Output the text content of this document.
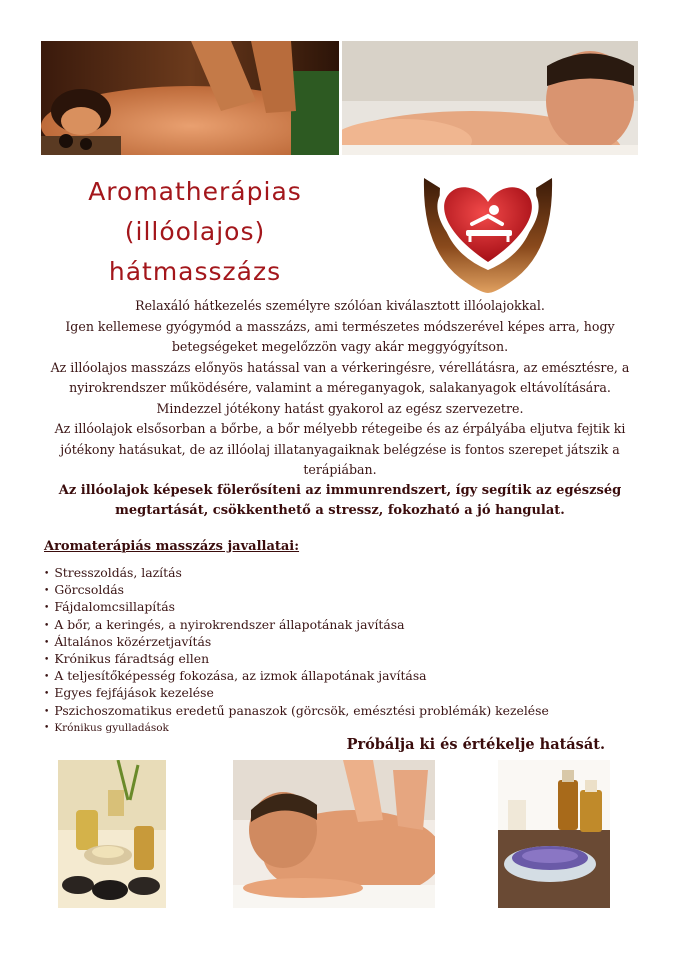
Aromatherápias
(illóolajos)
hátmasszázs

Relaxáló hátkezelés személyre szólóan kiválasztott illóolajokkal.

Igen kellemese gyógymód a masszázs, ami természetes módszerével képes arra, hogy betegségeket megelőzzön vagy akár meggyógyítson.

Az illóolajos masszázs előnyös hatással van a vérkeringésre, vérellátásra, az emésztésre, a nyirokrendszer működésére, valamint a méreganyagok, salakanyagok eltávolítására.

Mindezzel jótékony hatást gyakorol az egész szervezetre.

Az illóolajok elsősorban a bőrbe, a bőr mélyebb rétegeibe és az érpályába eljutva fejtik ki jótékony hatásukat, de az illóolaj illatanyagaiknak belégzése is fontos szerepet játszik a terápiában.

Az illóolajok képesek fölerősíteni az immunrendszert, így segítik az egészség megtartását, csökkenthető a stressz, fokozható a jó hangulat.

Aromaterápiás masszázs javallatai:
• Stresszoldás, lazítás
• Görcsoldás
• Fájdalomcsillapítás
• A bőr, a keringés, a nyirokrendszer állapotának javítása
• Általános közérzetjavítás
• Krónikus fáradtság ellen
• A teljesítőképesség fokozása, az izmok állapotának javítása
• Egyes fejfájások kezelése
• Pszichoszomatikus eredetű panaszok (görcsök, emésztési problémák) kezelése
• Krónikus gyulladások
Próbálja ki és értékelje hatását.
